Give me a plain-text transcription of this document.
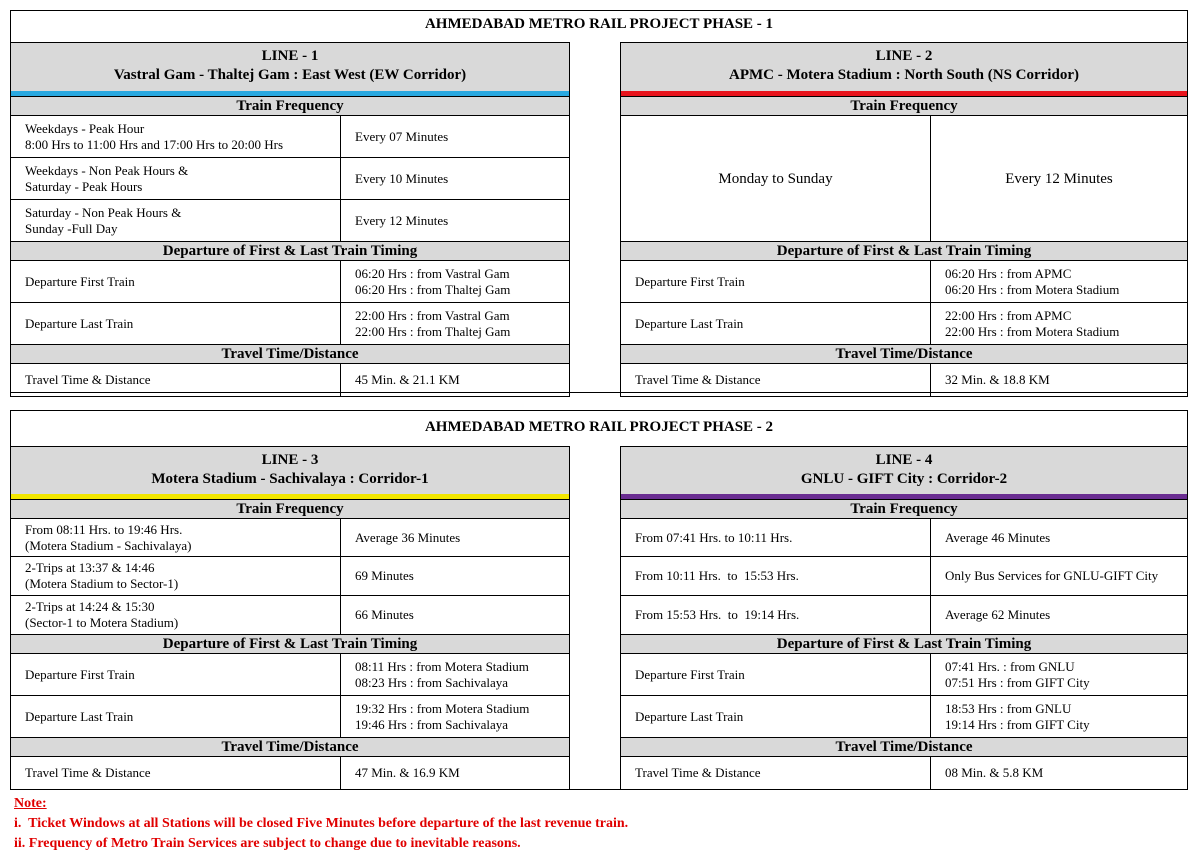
AHMEDABAD METRO RAIL PROJECT PHASE - 1
LINE - 1
Vastral Gam - Thaltej Gam : East West (EW Corridor)
Train Frequency	

Weekdays - Peak Hour
8:00 Hrs to 11:00 Hrs and 17:00 Hrs to 20:00 Hrs	Every 07 Minutes

Weekdays - Non Peak Hours &
Saturday - Peak Hours	Every 10 Minutes

Saturday - Non Peak Hours &
Sunday -Full Day	Every 12 Minutes
Departure of First & Last Train Timing	
Departure First Train	06:20 Hrs : from Vastral Gam
06:20 Hrs : from Thaltej Gam

Departure Last Train	22:00 Hrs : from Vastral Gam
22:00 Hrs : from Thaltej Gam

Travel Time/Distance	
Travel Time & Distance	45 Min. & 21.1 KM
LINE - 2
APMC - Motera Stadium : North South (NS Corridor)
Train Frequency	
Monday to Sunday	Every 12 Minutes
Departure of First & Last Train Timing	
Departure First Train	06:20 Hrs : from APMC
06:20 Hrs : from Motera Stadium

Departure Last Train	22:00 Hrs : from APMC
22:00 Hrs : from Motera Stadium

Travel Time/Distance	
Travel Time & Distance	32 Min. & 18.8 KM
AHMEDABAD METRO RAIL PROJECT PHASE - 2
LINE - 3
Motera Stadium - Sachivalaya : Corridor-1
Train Frequency	

From 08:11 Hrs. to 19:46 Hrs.
(Motera Stadium - Sachivalaya)	Average 36 Minutes

2-Trips at 13:37 & 14:46
(Motera Stadium to Sector-1)	69 Minutes

2-Trips at 14:24 & 15:30
(Sector-1 to Motera Stadium)	66 Minutes
Departure of First & Last Train Timing	
Departure First Train	08:11 Hrs : from Motera Stadium
08:23 Hrs : from Sachivalaya

Departure Last Train	19:32 Hrs : from Motera Stadium
19:46 Hrs : from Sachivalaya

Travel Time/Distance	
Travel Time & Distance	47 Min. & 16.9 KM
LINE - 4
GNLU - GIFT City : Corridor-2
Train Frequency	
From 07:41 Hrs. to 10:11 Hrs.	Average 46 Minutes
From 10:11 Hrs.  to  15:53 Hrs.	Only Bus Services for GNLU-GIFT City
From 15:53 Hrs.  to  19:14 Hrs.	Average 62 Minutes
Departure of First & Last Train Timing	
Departure First Train	07:41 Hrs. : from GNLU
07:51 Hrs : from GIFT City

Departure Last Train	18:53 Hrs : from GNLU
19:14 Hrs : from GIFT City

Travel Time/Distance	
Travel Time & Distance	08 Min. & 5.8 KM
Note:
i.  Ticket Windows at all Stations will be closed Five Minutes before departure of the last revenue train.
ii. Frequency of Metro Train Services are subject to change due to inevitable reasons.
